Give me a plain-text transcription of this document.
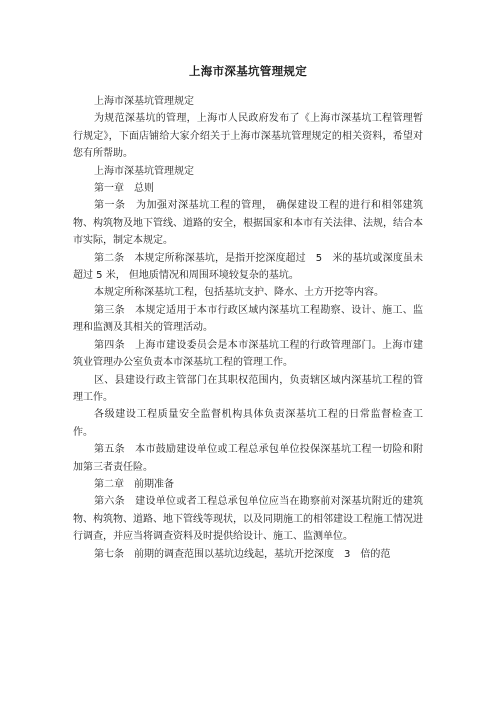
上海市深基坑管理规定

上海市深基坑管理规定

为规范深基坑的管理，上海市人民政府发布了《上海市深基坑工程管理暂行规定》，下面店铺给大家介绍关于上海市深基坑管理规定的相关资料，希望对您有所帮助。

上海市深基坑管理规定

第一章　总则

第一条　为加强对深基坑工程的管理， 确保建设工程的进行和相邻建筑物、构筑物及地下管线、道路的安全，根据国家和本市有关法律、法规，结合本市实际，制定本规定。

第二条　本规定所称深基坑，是指开挖深度超过　5　米的基坑或深度虽未超过 5 米， 但地质情况和周围环境较复杂的基坑。

本规定所称深基坑工程，包括基坑支护、降水、土方开挖等内容。

第三条　本规定适用于本市行政区域内深基坑工程勘察、设计、施工、监理和监测及其相关的管理活动。

第四条　上海市建设委员会是本市深基坑工程的行政管理部门。上海市建筑业管理办公室负责本市深基坑工程的管理工作。

区、县建设行政主管部门在其职权范围内，负责辖区域内深基坑工程的管理工作。

各级建设工程质量安全监督机构具体负责深基坑工程的日常监督检查工作。

第五条　本市鼓励建设单位或工程总承包单位投保深基坑工程一切险和附加第三者责任险。

第二章　前期准备

第六条　建设单位或者工程总承包单位应当在勘察前对深基坑附近的建筑物、构筑物、道路、地下管线等现状，以及同期施工的相邻建设工程施工情况进行调查，并应当将调查资料及时提供给设计、施工、监测单位。

第七条　前期的调查范围以基坑边线起，基坑开挖深度　3　倍的范
